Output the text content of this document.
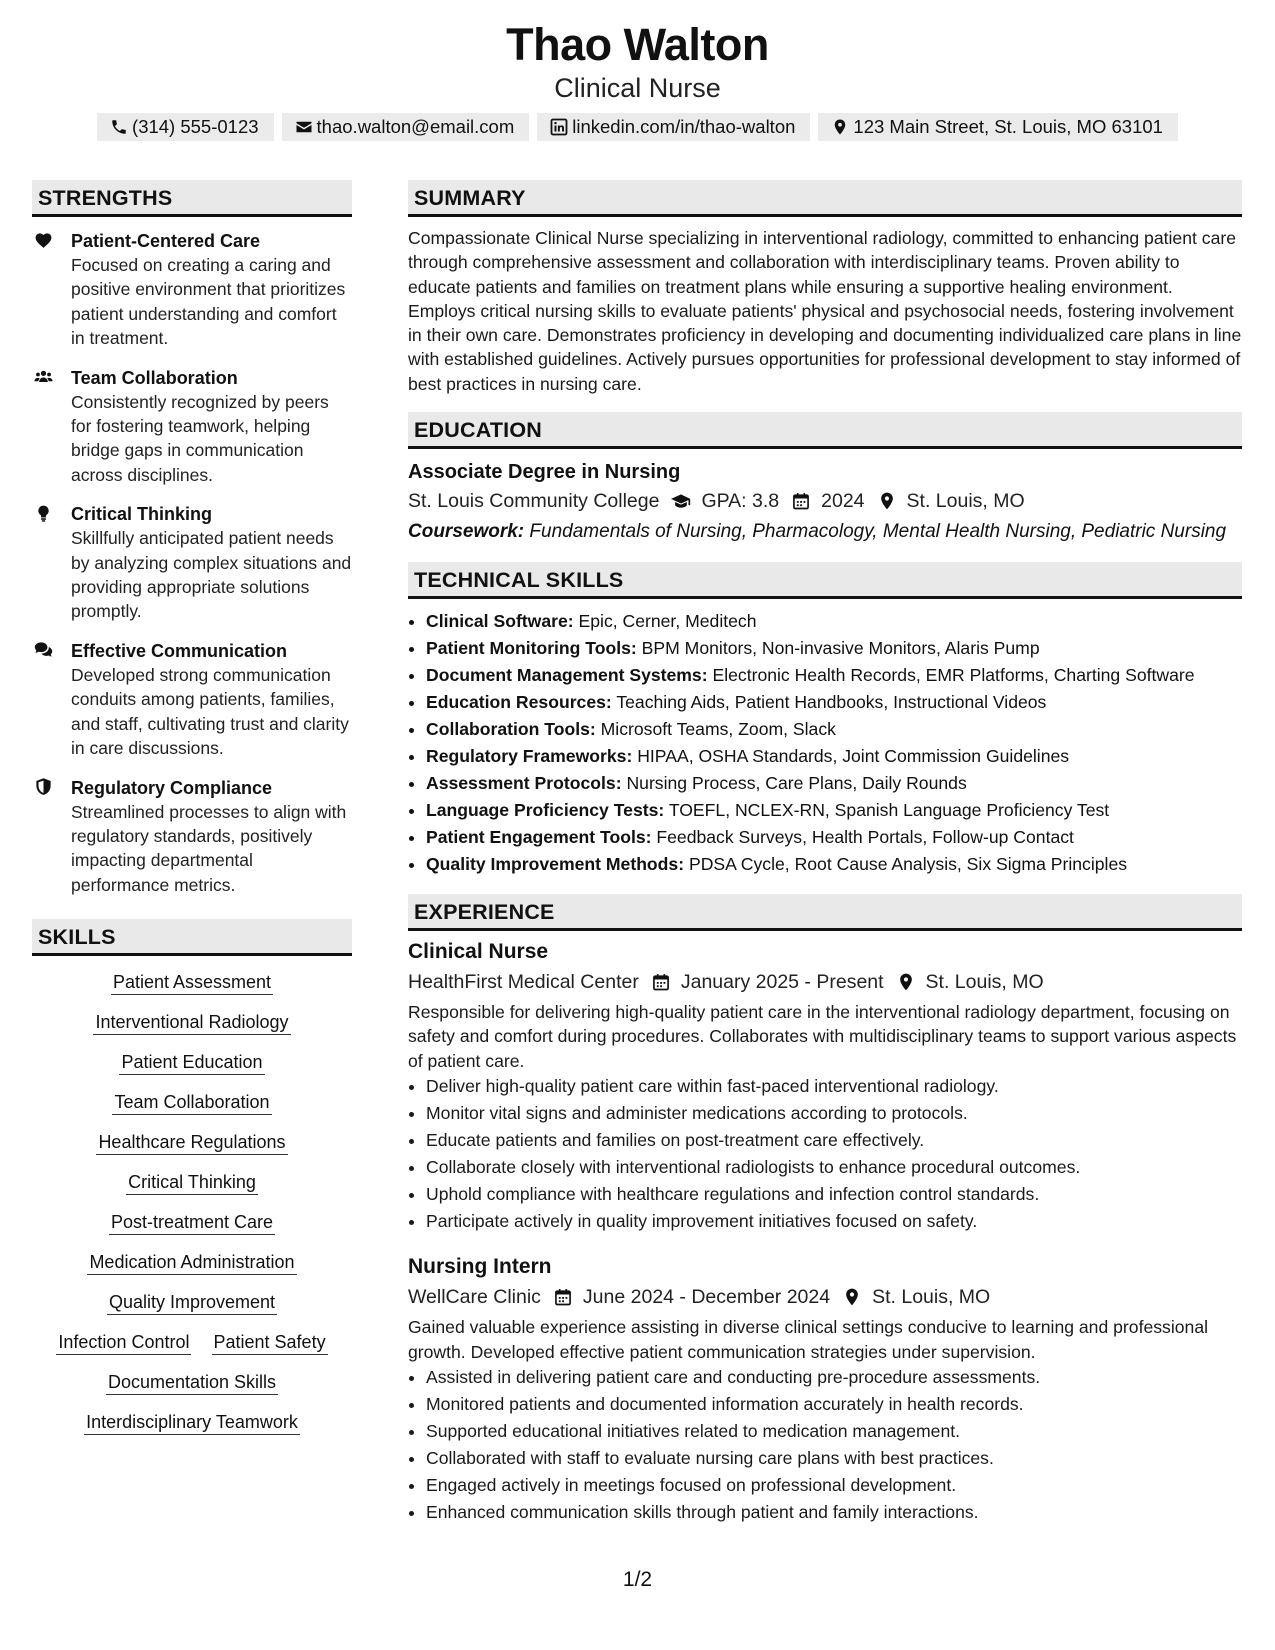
Thao Walton
Clinical Nurse
(314) 555-0123	thao.walton@email.com	linkedin.com/in/thao-walton	123 Main Street, St. Louis, MO 63101
STRENGTHS
Patient-Centered Care
Focused on creating a caring and positive environment that prioritizes patient understanding and comfort in treatment.
Team Collaboration
Consistently recognized by peers for fostering teamwork, helping bridge gaps in communication across disciplines.
Critical Thinking
Skillfully anticipated patient needs by analyzing complex situations and providing appropriate solutions promptly.
Effective Communication
Developed strong communication conduits among patients, families, and staff, cultivating trust and clarity in care discussions.
Regulatory Compliance
Streamlined processes to align with regulatory standards, positively impacting departmental performance metrics.
SKILLS
Patient Assessment
Interventional Radiology
Patient Education
Team Collaboration
Healthcare Regulations
Critical Thinking
Post-treatment Care
Medication Administration
Quality Improvement
Infection Control Patient Safety
Documentation Skills
Interdisciplinary Teamwork
SUMMARY
Compassionate Clinical Nurse specializing in interventional radiology, committed to enhancing patient care through comprehensive assessment and collaboration with interdisciplinary teams. Proven ability to educate patients and families on treatment plans while ensuring a supportive healing environment. Employs critical nursing skills to evaluate patients' physical and psychosocial needs, fostering involvement in their own care. Demonstrates proficiency in developing and documenting individualized care plans in line with established guidelines. Actively pursues opportunities for professional development to stay informed of best practices in nursing care.
EDUCATION
Associate Degree in Nursing
St. Louis Community College GPA: 3.8 2024 St. Louis, MO
Coursework: Fundamentals of Nursing, Pharmacology, Mental Health Nursing, Pediatric Nursing
TECHNICAL SKILLS
• Clinical Software: Epic, Cerner, Meditech
• Patient Monitoring Tools: BPM Monitors, Non-invasive Monitors, Alaris Pump
• Document Management Systems: Electronic Health Records, EMR Platforms, Charting Software
• Education Resources: Teaching Aids, Patient Handbooks, Instructional Videos
• Collaboration Tools: Microsoft Teams, Zoom, Slack
• Regulatory Frameworks: HIPAA, OSHA Standards, Joint Commission Guidelines
• Assessment Protocols: Nursing Process, Care Plans, Daily Rounds
• Language Proficiency Tests: TOEFL, NCLEX-RN, Spanish Language Proficiency Test
• Patient Engagement Tools: Feedback Surveys, Health Portals, Follow-up Contact
• Quality Improvement Methods: PDSA Cycle, Root Cause Analysis, Six Sigma Principles
EXPERIENCE
Clinical Nurse
HealthFirst Medical Center January 2025 - Present St. Louis, MO
Responsible for delivering high-quality patient care in the interventional radiology department, focusing on safety and comfort during procedures. Collaborates with multidisciplinary teams to support various aspects of patient care.
• Deliver high-quality patient care within fast-paced interventional radiology.
• Monitor vital signs and administer medications according to protocols.
• Educate patients and families on post-treatment care effectively.
• Collaborate closely with interventional radiologists to enhance procedural outcomes.
• Uphold compliance with healthcare regulations and infection control standards.
• Participate actively in quality improvement initiatives focused on safety.
Nursing Intern
WellCare Clinic June 2024 - December 2024 St. Louis, MO
Gained valuable experience assisting in diverse clinical settings conducive to learning and professional growth. Developed effective patient communication strategies under supervision.
• Assisted in delivering patient care and conducting pre-procedure assessments.
• Monitored patients and documented information accurately in health records.
• Supported educational initiatives related to medication management.
• Collaborated with staff to evaluate nursing care plans with best practices.
• Engaged actively in meetings focused on professional development.
• Enhanced communication skills through patient and family interactions.
1/2
